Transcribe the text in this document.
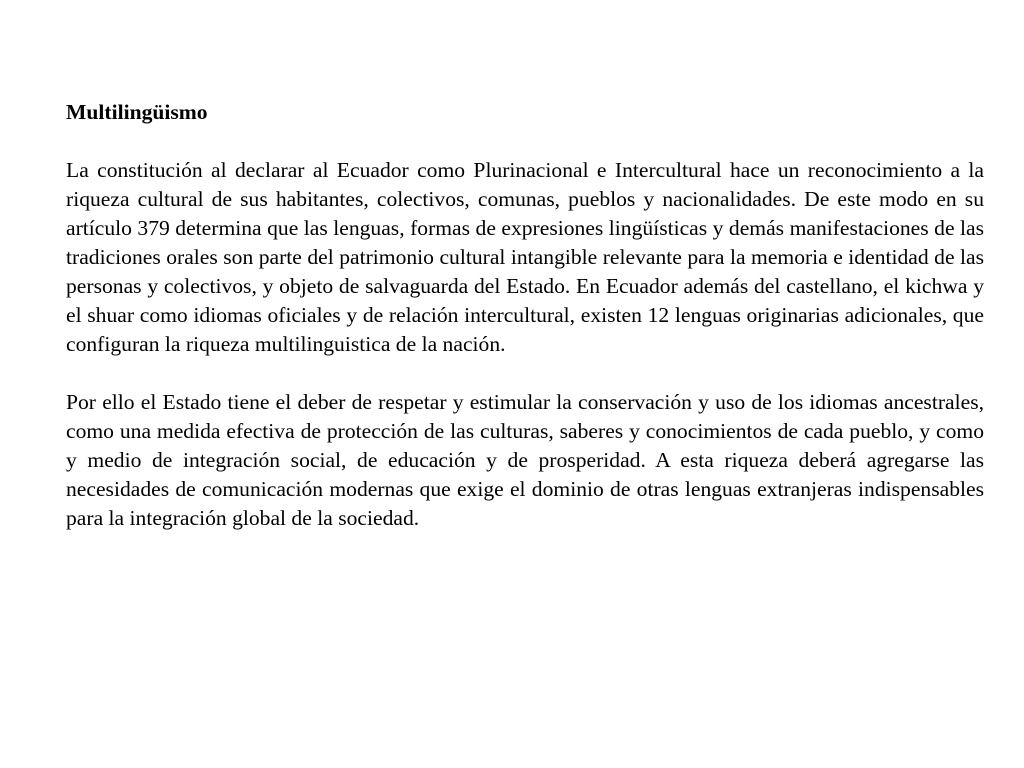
Multilingüismo

La constitución al declarar al Ecuador como Plurinacional e Intercultural hace un reconocimiento a la riqueza cultural de sus habitantes, colectivos, comunas, pueblos y nacionalidades. De este modo en su artículo 379 determina que las lenguas, formas de expresiones lingüísticas y demás manifestaciones de las tradiciones orales son parte del patrimonio cultural intangible relevante para la memoria e identidad de las personas y colectivos, y objeto de salvaguarda del Estado. En Ecuador además del castellano, el kichwa y el shuar como idiomas oficiales y de relación intercultural, existen 12 lenguas originarias adicionales, que configuran la riqueza multilinguistica de la nación.

Por ello el Estado tiene el deber de respetar y estimular la conservación y uso de los idiomas ancestrales, como una medida efectiva de protección de las culturas, saberes y conocimientos de cada pueblo, y como y medio de integración social, de educación y de prosperidad. A esta riqueza deberá agregarse las necesidades de comunicación modernas que exige el dominio de otras lenguas extranjeras indispensables para la integración global de la sociedad.
